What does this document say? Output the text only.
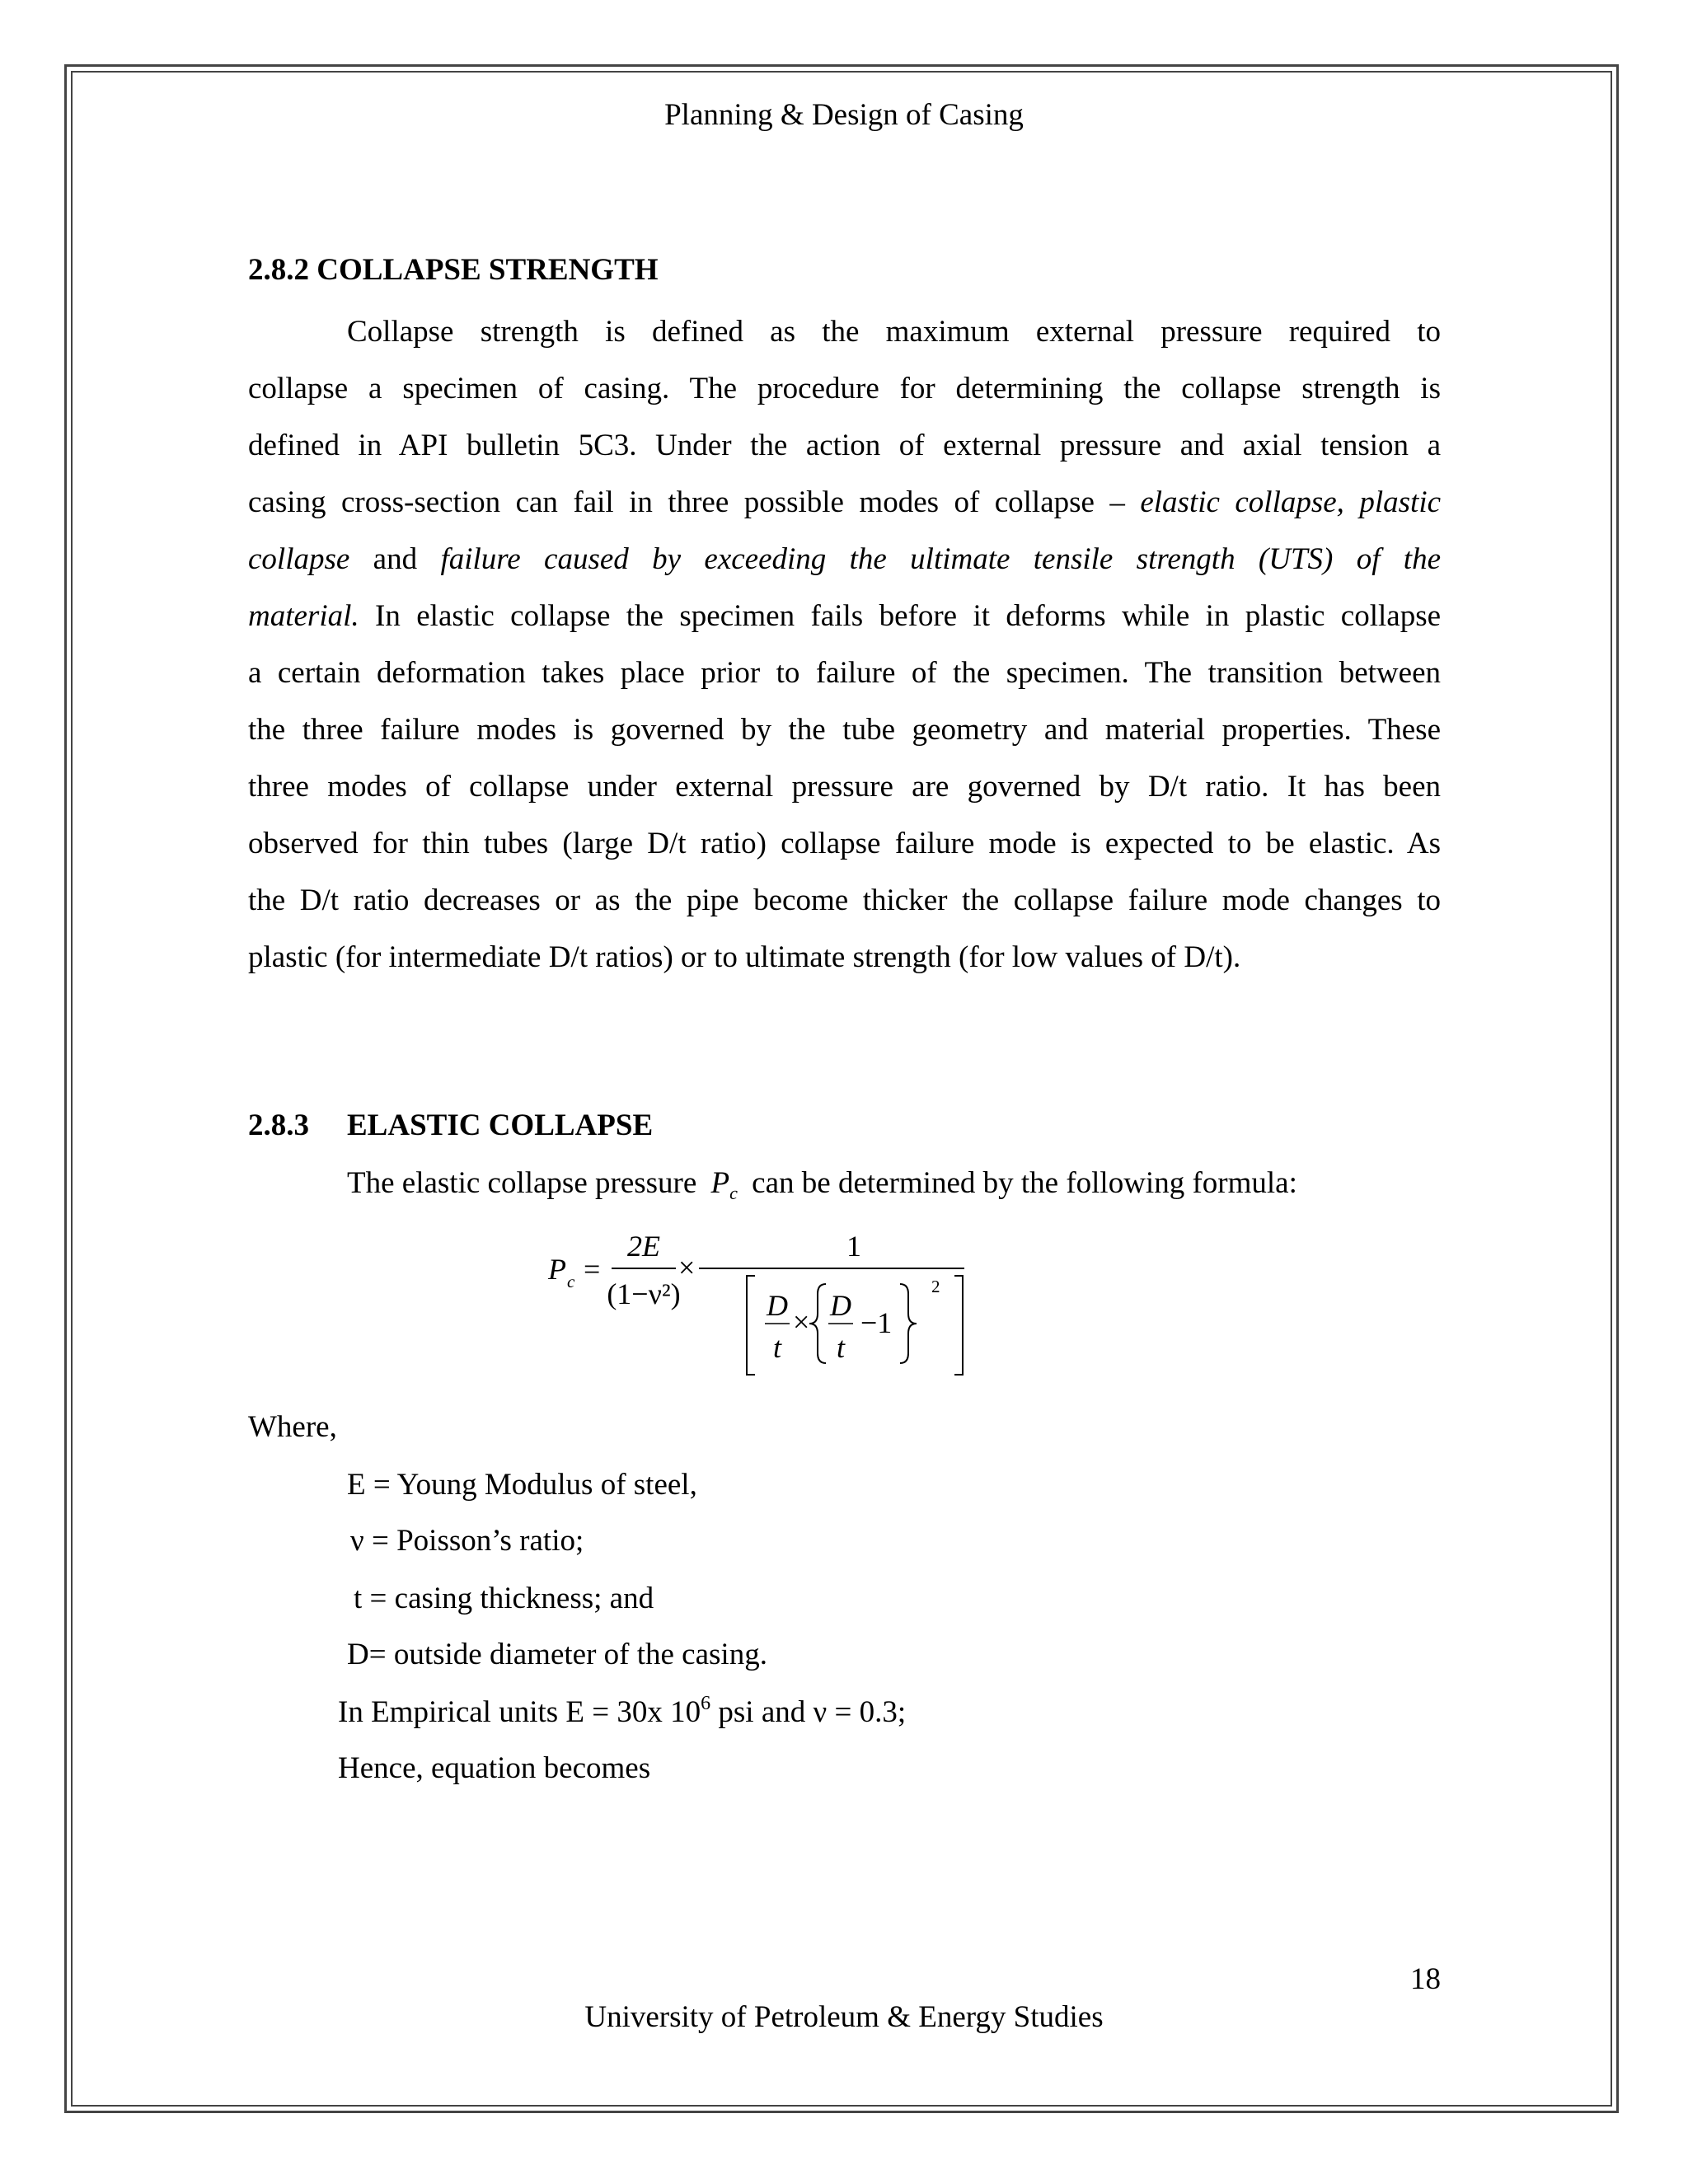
Planning & Design of Casing
2.8.2 COLLAPSE STRENGTH
Collapse strength is defined as the maximum external pressure required to
collapse a specimen of casing. The procedure for determining the collapse strength is
defined in API bulletin 5C3. Under the action of external pressure and axial tension a
casing cross-section can fail in three possible modes of collapse – elastic collapse, plastic
collapse and failure caused by exceeding the ultimate tensile strength (UTS) of the
material. In elastic collapse the specimen fails before it deforms while in plastic collapse
a certain deformation takes place prior to failure of the specimen. The transition between
the three failure modes is governed by the tube geometry and material properties. These
three modes of collapse under external pressure are governed by D/t ratio. It has been
observed for thin tubes (large D/t ratio) collapse failure mode is expected to be elastic. As
the D/t ratio decreases or as the pipe become thicker the collapse failure mode changes to
plastic (for intermediate D/t ratios) or to ultimate strength (for low values of D/t).
2.8.3 ELASTIC COLLAPSE
The elastic collapse pressure $P_c$ can be determined by the following formula:
P c =
2E
(1−ν²)
×
1
D
t
× D
t
−1
2
Where,
E = Young Modulus of steel,
ν = Poisson’s ratio;
t = casing thickness; and
D= outside diameter of the casing.
In Empirical units E = 30x $10^6$ psi and ν = 0.3;
Hence, equation becomes
18
University of Petroleum & Energy Studies
